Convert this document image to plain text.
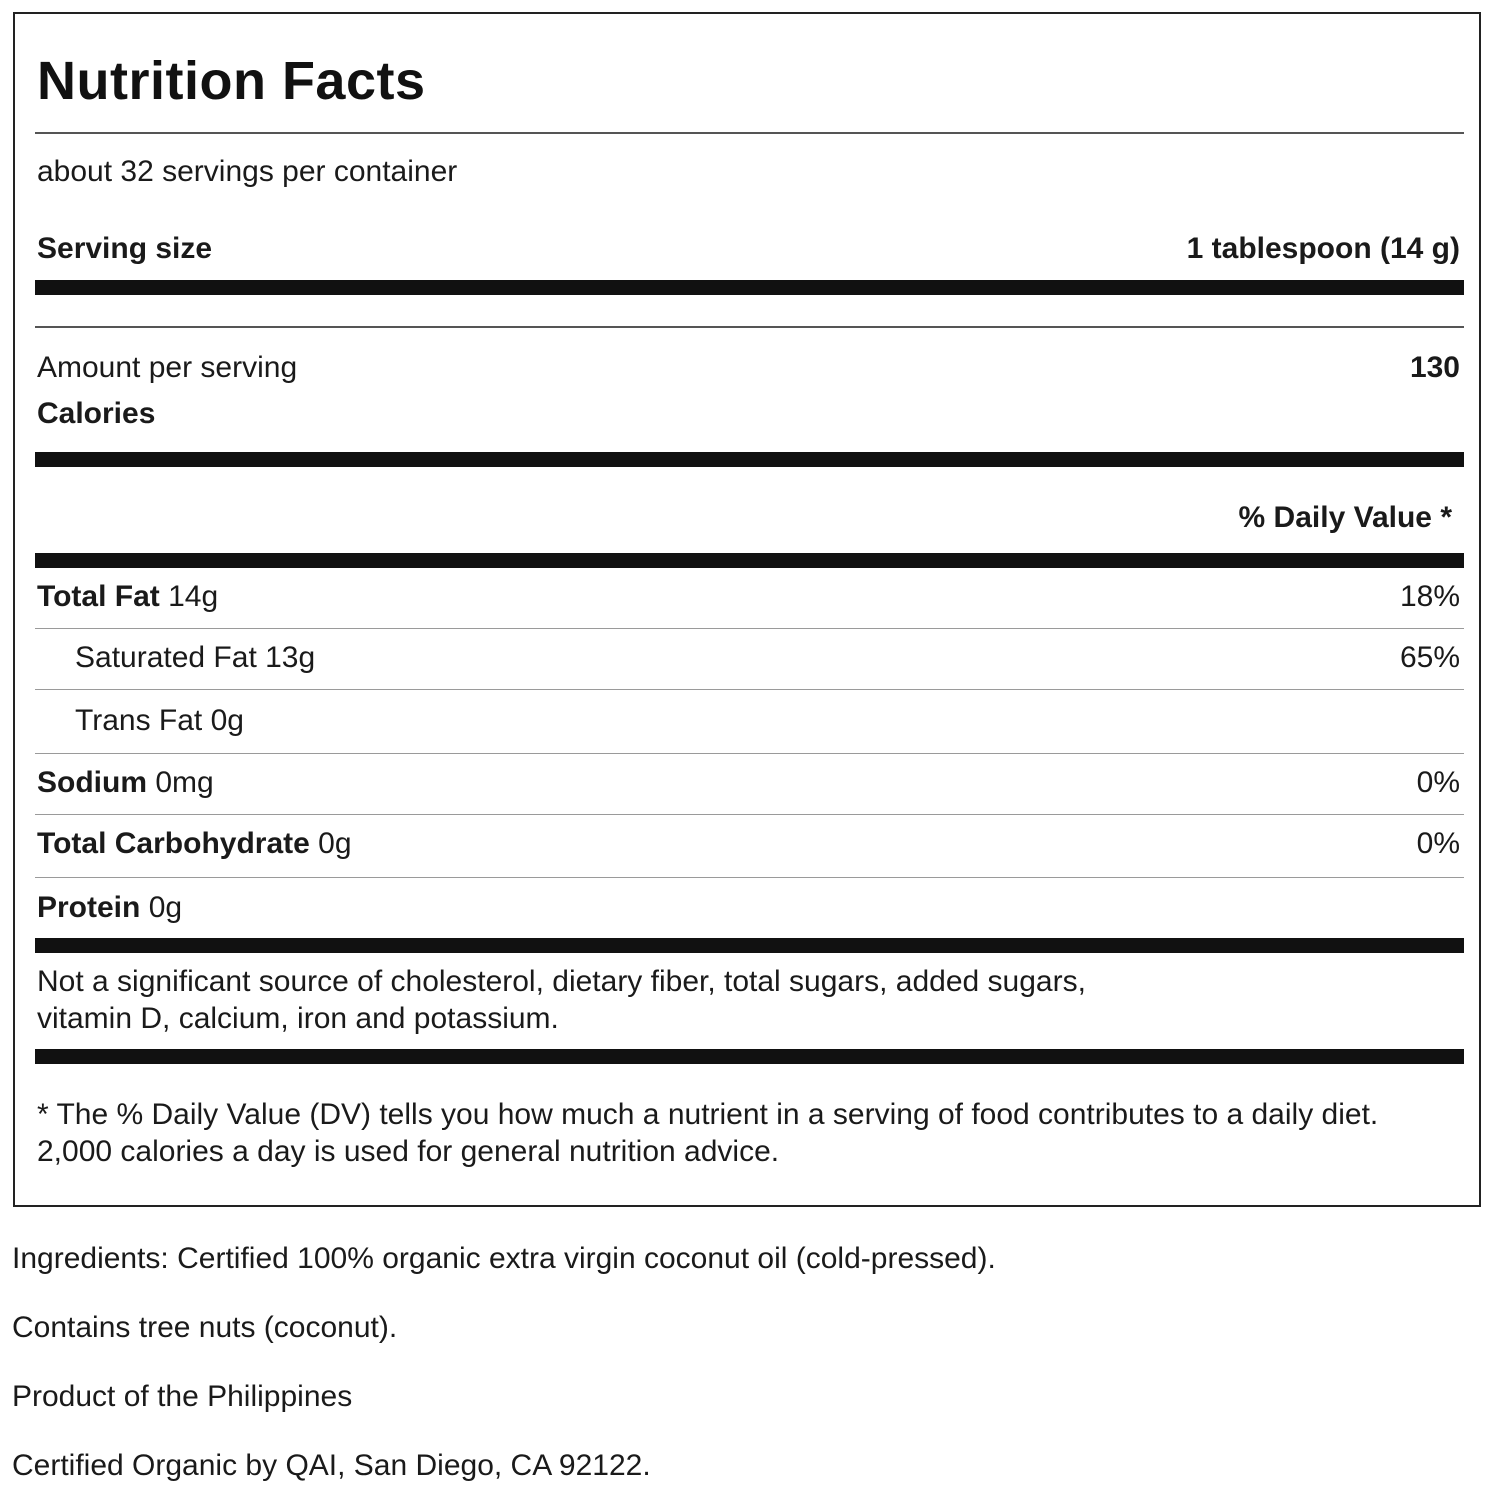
Nutrition Facts
about 32 servings per container
Serving size	1 tablespoon (14 g)
Amount per serving
Calories
130
% Daily Value *
Total Fat 14g	18%
Saturated Fat 13g	65%
Trans Fat 0g
Sodium 0mg	0%
Total Carbohydrate 0g	0%
Protein 0g
Not a significant source of cholesterol, dietary fiber, total sugars, added sugars,
vitamin D, calcium, iron and potassium.
* The % Daily Value (DV) tells you how much a nutrient in a serving of food contributes to a daily diet.
2,000 calories a day is used for general nutrition advice.
Ingredients: Certified 100% organic extra virgin coconut oil (cold-pressed).
Contains tree nuts (coconut).
Product of the Philippines
Certified Organic by QAI, San Diego, CA 92122.
